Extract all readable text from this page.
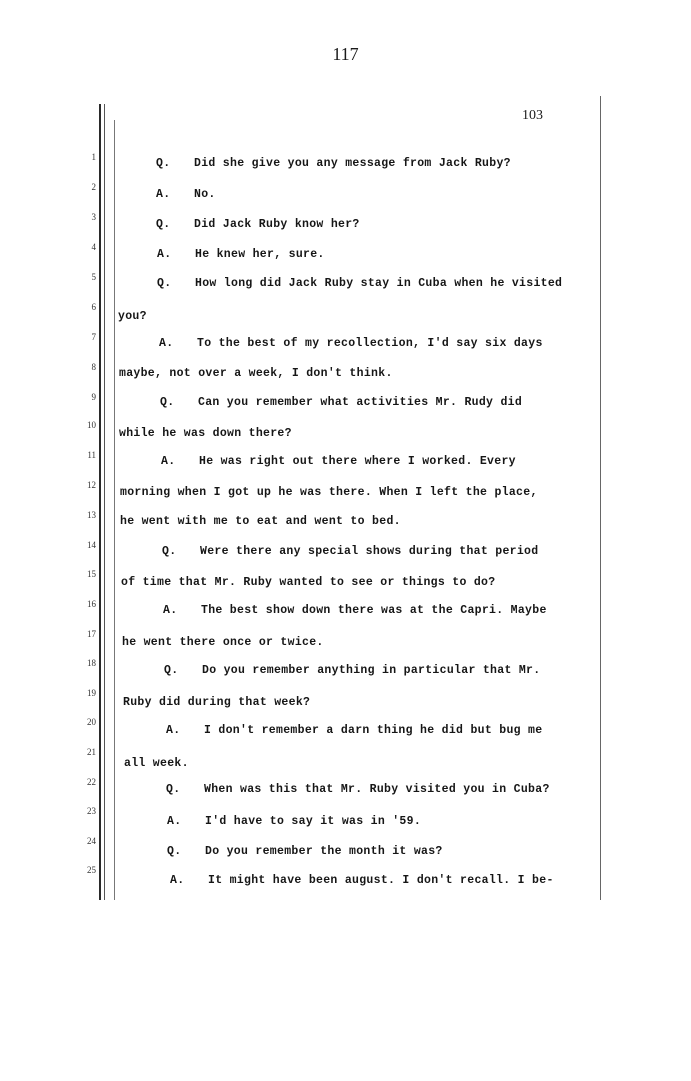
117
103
1
2
3
4
5
6
7
8
9
10
11
12
13
14
15
16
17
18
19
20
21
22
23
24
25
Q. Did she give you any message from Jack Ruby?
A. No.
Q. Did Jack Ruby know her?
A. He knew her, sure.
Q. How long did Jack Ruby stay in Cuba when he visited
you?
A. To the best of my recollection, I'd say six days
maybe, not over a week, I don't think.
Q. Can you remember what activities Mr. Rudy did
while he was down there?
A. He was right out there where I worked. Every
morning when I got up he was there. When I left the place,
he went with me to eat and went to bed.
Q. Were there any special shows during that period
of time that Mr. Ruby wanted to see or things to do?
A. The best show down there was at the Capri. Maybe
he went there once or twice.
Q. Do you remember anything in particular that Mr.
Ruby did during that week?
A. I don't remember a darn thing he did but bug me
all week.
Q. When was this that Mr. Ruby visited you in Cuba?
A. I'd have to say it was in '59.
Q. Do you remember the month it was?
A. It might have been august. I don't recall. I be-
